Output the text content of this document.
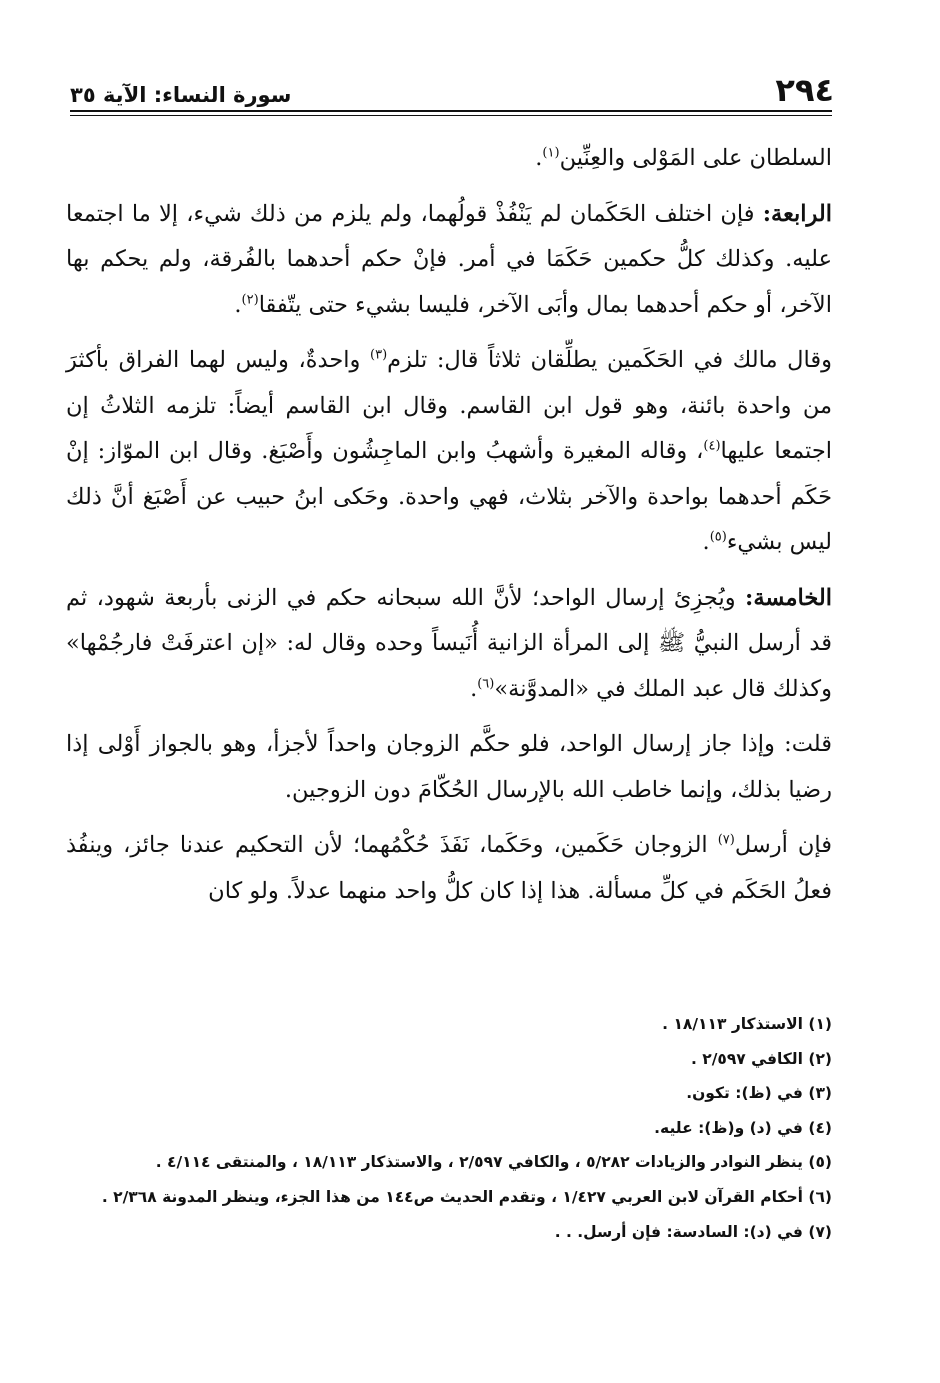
٢٩٤
سورة النساء: الآية ٣٥

السلطان على المَوْلى والعِنِّين$^{(١)}$.

الرابعة: فإن اختلف الحَكَمان لم يَنْفُذْ قولُهما، ولم يلزم من ذلك شيء، إلا ما اجتمعا عليه. وكذلك كلُّ حكمين حَكَمَا في أمر. فإنْ حكم أحدهما بالفُرقة، ولم يحكم بها الآخر، أو حكم أحدهما بمال وأبَى الآخر، فليسا بشيء حتى يتّفقا$^{(٢)}$.

وقال مالك في الحَكَمين يطلِّقان ثلاثاً قال: تلزم$^{(٣)}$ واحدةٌ، وليس لهما الفراق بأكثرَ من واحدة بائنة، وهو قول ابن القاسم. وقال ابن القاسم أيضاً: تلزمه الثلاثُ إن اجتمعا عليها$^{(٤)}$، وقاله المغيرة وأشهبُ وابن الماجِشُون وأَصْبَغ. وقال ابن الموّاز: إنْ حَكَم أحدهما بواحدة والآخر بثلاث، فهي واحدة. وحَكى ابنُ حبيب عن أَصْبَغ أنَّ ذلك ليس بشيء$^{(٥)}$.

الخامسة: ويُجزِئ إرسال الواحد؛ لأنَّ الله سبحانه حكم في الزنى بأربعة شهود، ثم قد أرسل النبيُّ ﷺ إلى المرأة الزانية أُنَيساً وحده وقال له: «إن اعترفَتْ فارجُمْها» وكذلك قال عبد الملك في «المدوَّنة»$^{(٦)}$.

قلت: وإذا جاز إرسال الواحد، فلو حكَّم الزوجان واحداً لأجزأ، وهو بالجواز أَوْلى إذا رضيا بذلك، وإنما خاطب الله بالإرسال الحُكّامَ دون الزوجين.

فإن أرسل$^{(٧)}$ الزوجان حَكَمين، وحَكَما، نَفَذَ حُكْمُهما؛ لأن التحكيم عندنا جائز، وينفُذ فعلُ الحَكَم في كلِّ مسألة. هذا إذا كان كلُّ واحد منهما عدلاً. ولو كان

(١) الاستذكار ١٨/١١٣ .

(٢) الكافي ٢/٥٩٧ .

(٣) في (ظ): تكون.

(٤) في (د) و(ظ): عليه.

(٥) ينظر النوادر والزيادات ٥/٢٨٢ ، والكافي ٢/٥٩٧ ، والاستذكار ١٨/١١٣ ، والمنتقى ٤/١١٤ .

(٦) أحكام القرآن لابن العربي ١/٤٢٧ ، وتقدم الحديث ص١٤٤ من هذا الجزء، وينظر المدونة ٢/٣٦٨ .

(٧) في (د): السادسة: فإن أرسل. . .
